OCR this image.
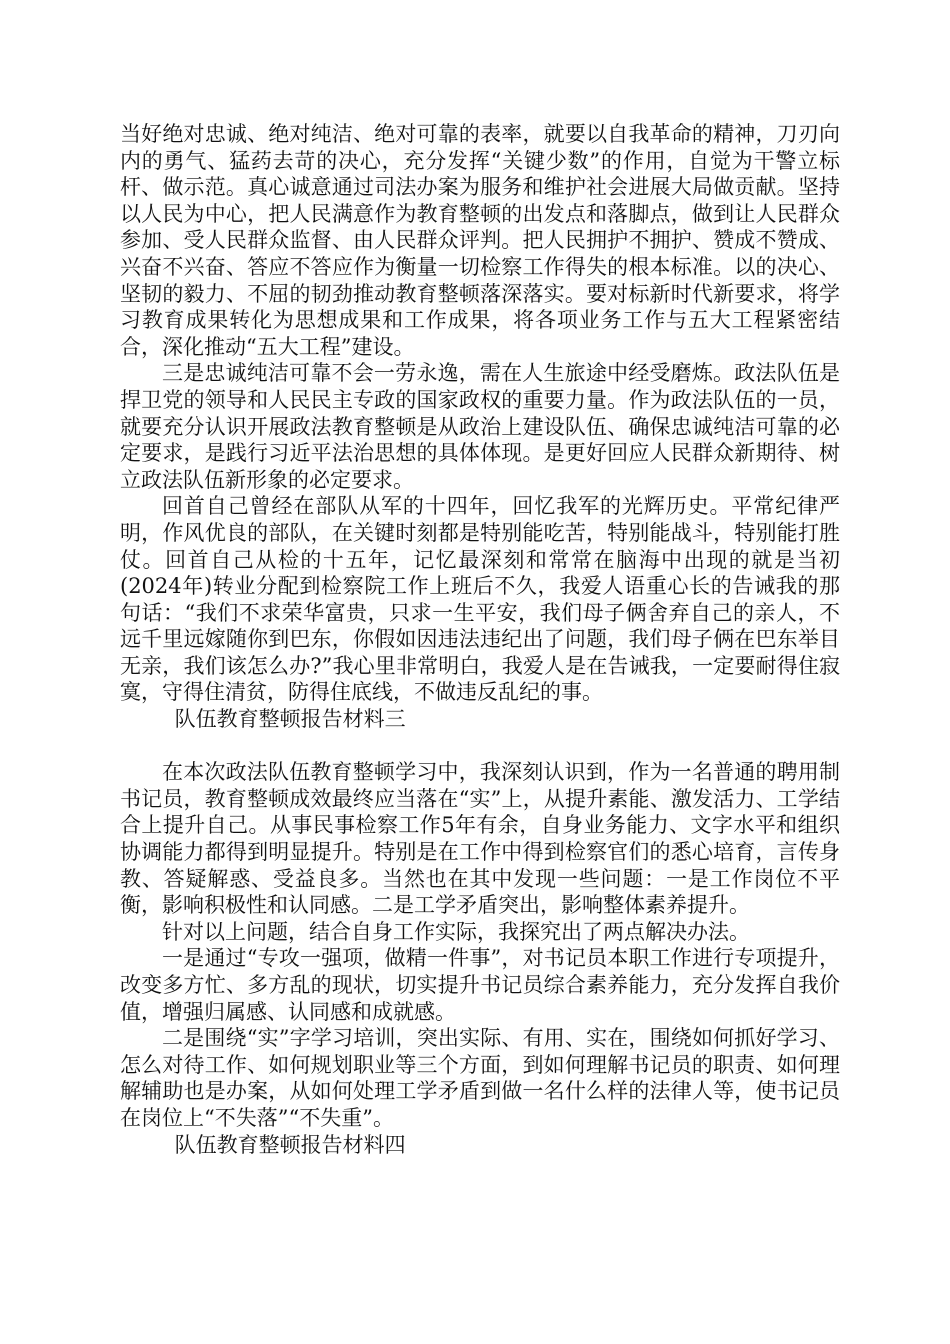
当好绝对忠诚、绝对纯洁、绝对可靠的表率，就要以自我革命的精神，刀刃向内的勇气、猛药去苛的决心，充分发挥“关键少数”的作用，自觉为干警立标杆、做示范。真心诚意通过司法办案为服务和维护社会进展大局做贡献。坚持以人民为中心，把人民满意作为教育整顿的出发点和落脚点，做到让人民群众参加、受人民群众监督、由人民群众评判。把人民拥护不拥护、赞成不赞成、兴奋不兴奋、答应不答应作为衡量一切检察工作得失的根本标准。以的决心、坚韧的毅力、不屈的韧劲推动教育整顿落深落实。要对标新时代新要求，将学习教育成果转化为思想成果和工作成果，将各项业务工作与五大工程紧密结合，深化推动“五大工程”建设。

三是忠诚纯洁可靠不会一劳永逸，需在人生旅途中经受磨炼。政法队伍是捍卫党的领导和人民民主专政的国家政权的重要力量。作为政法队伍的一员，就要充分认识开展政法教育整顿是从政治上建设队伍、确保忠诚纯洁可靠的必定要求，是践行习近平法治思想的具体体现。是更好回应人民群众新期待、树立政法队伍新形象的必定要求。

回首自己曾经在部队从军的十四年，回忆我军的光辉历史。平常纪律严明，作风优良的部队，在关键时刻都是特别能吃苦，特别能战斗，特别能打胜仗。回首自己从检的十五年，记忆最深刻和常常在脑海中出现的就是当初(2024年)转业分配到检察院工作上班后不久，我爱人语重心长的告诫我的那句话：“我们不求荣华富贵，只求一生平安，我们母子俩舍弃自己的亲人，不远千里远嫁随你到巴东，你假如因违法违纪出了问题，我们母子俩在巴东举目无亲，我们该怎么办?”我心里非常明白，我爱人是在告诫我，一定要耐得住寂寞，守得住清贫，防得住底线，不做违反乱纪的事。

队伍教育整顿报告材料三

在本次政法队伍教育整顿学习中，我深刻认识到，作为一名普通的聘用制书记员，教育整顿成效最终应当落在“实”上，从提升素能、激发活力、工学结合上提升自己。从事民事检察工作5年有余，自身业务能力、文字水平和组织协调能力都得到明显提升。特别是在工作中得到检察官们的悉心培育，言传身教、答疑解惑、受益良多。当然也在其中发现一些问题：一是工作岗位不平衡，影响积极性和认同感。二是工学矛盾突出，影响整体素养提升。

针对以上问题，结合自身工作实际，我探究出了两点解决办法。

一是通过“专攻一强项，做精一件事”，对书记员本职工作进行专项提升，改变多方忙、多方乱的现状，切实提升书记员综合素养能力，充分发挥自我价值，增强归属感、认同感和成就感。

二是围绕“实”字学习培训，突出实际、有用、实在，围绕如何抓好学习、怎么对待工作、如何规划职业等三个方面，到如何理解书记员的职责、如何理解辅助也是办案，从如何处理工学矛盾到做一名什么样的法律人等，使书记员在岗位上“不失落”“不失重”。

队伍教育整顿报告材料四
